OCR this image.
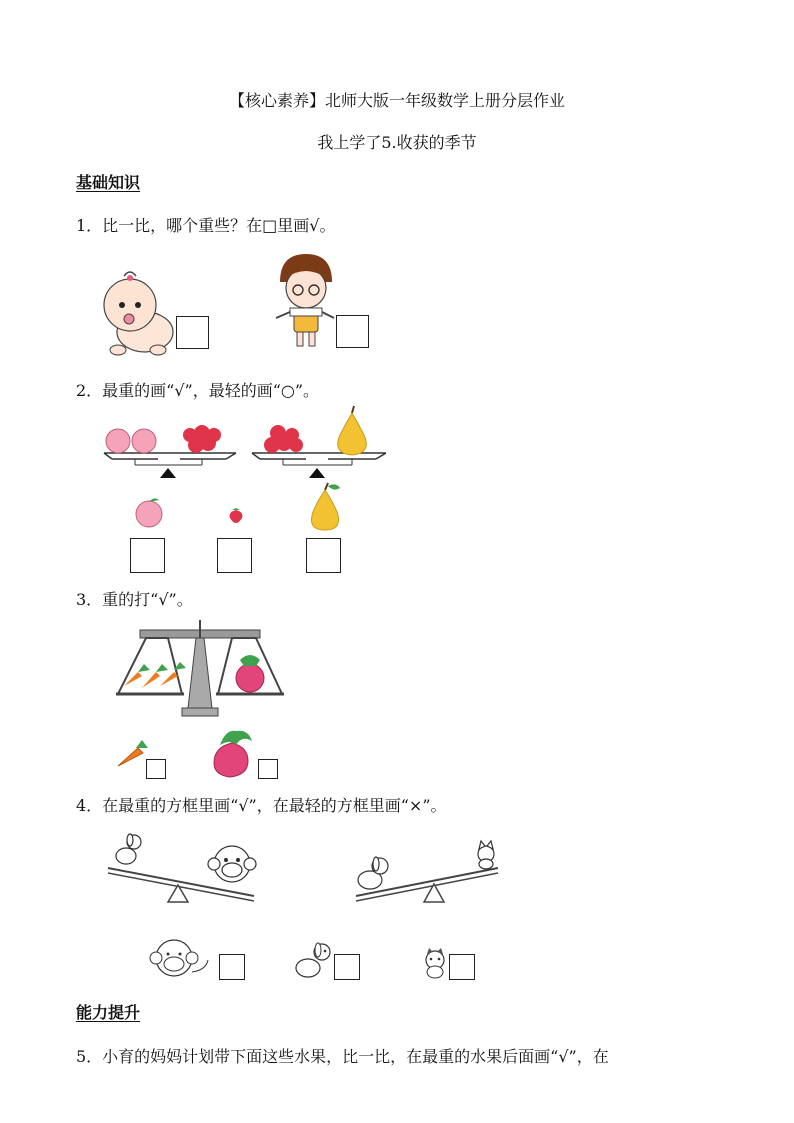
【核心素养】北师大版一年级数学上册分层作业
我上学了5.收获的季节
基础知识
1．比一比，哪个重些？在□里画√。
2．最重的画“√”，最轻的画“○”。
3．重的打“√”。
4．在最重的方框里画“√”，在最轻的方框里画“×”。
能力提升
5．小育的妈妈计划带下面这些水果，比一比，在最重的水果后面画“√”，在
